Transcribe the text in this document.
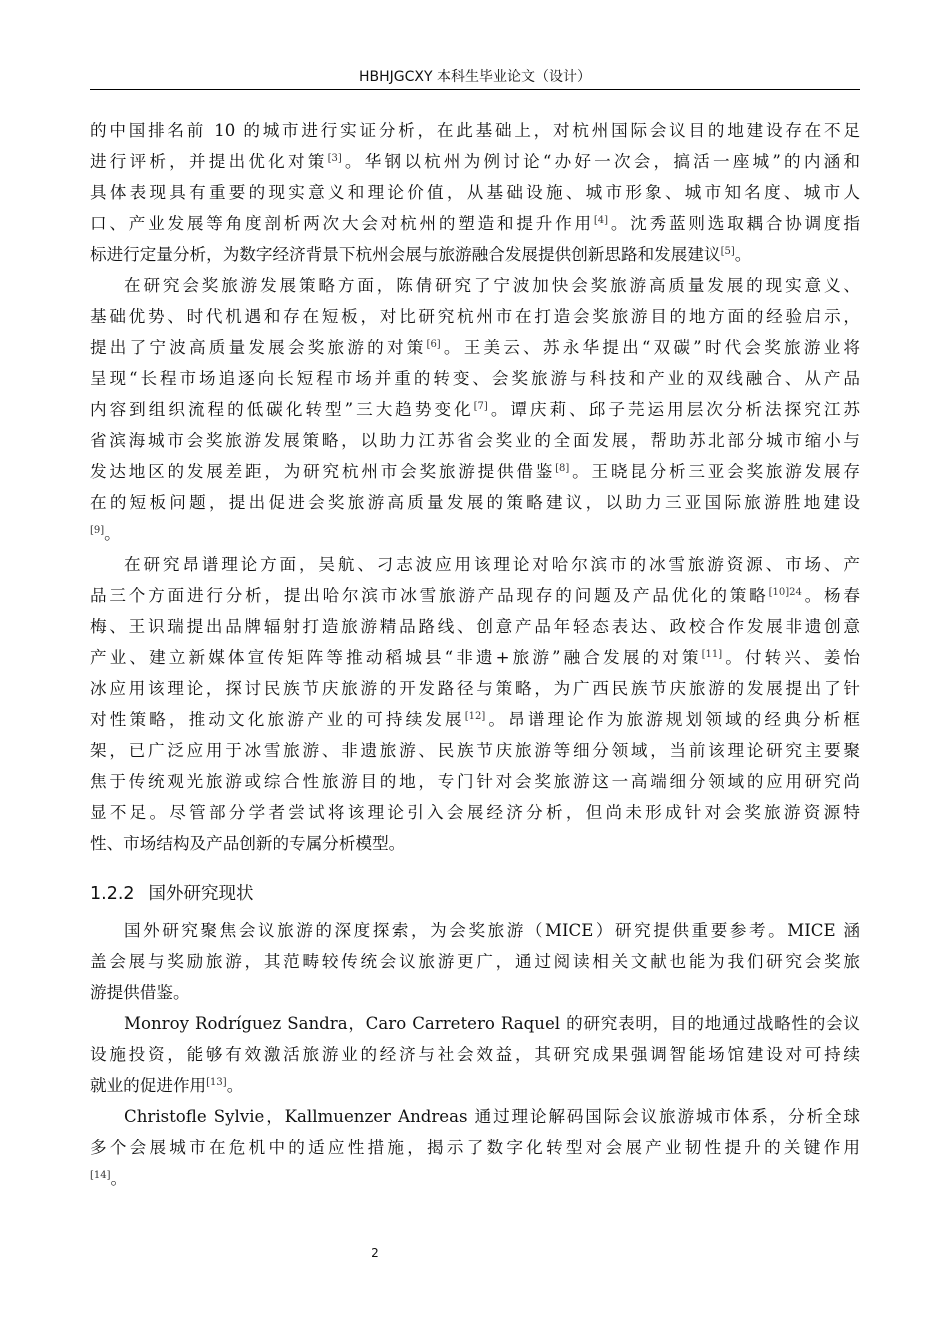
HBHJGCXY 本科生毕业论文（设计）
的中国排名前 10 的城市进行实证分析，在此基础上，对杭州国际会议目的地建设存在不足
进行评析，并提出优化对策[3]。华钢以杭州为例讨论“办好一次会，搞活一座城”的内涵和
具体表现具有重要的现实意义和理论价值，从基础设施、城市形象、城市知名度、城市人
口、产业发展等角度剖析两次大会对杭州的塑造和提升作用[4]。沈秀蓝则选取耦合协调度指
标进行定量分析，为数字经济背景下杭州会展与旅游融合发展提供创新思路和发展建议[5]。
在研究会奖旅游发展策略方面，陈倩研究了宁波加快会奖旅游高质量发展的现实意义、
基础优势、时代机遇和存在短板，对比研究杭州市在打造会奖旅游目的地方面的经验启示，
提出了宁波高质量发展会奖旅游的对策[6]。王美云、苏永华提出“双碳”时代会奖旅游业将
呈现“长程市场追逐向长短程市场并重的转变、会奖旅游与科技和产业的双线融合、从产品
内容到组织流程的低碳化转型”三大趋势变化[7]。谭庆莉、邱子芫运用层次分析法探究江苏
省滨海城市会奖旅游发展策略，以助力江苏省会奖业的全面发展，帮助苏北部分城市缩小与
发达地区的发展差距，为研究杭州市会奖旅游提供借鉴[8]。王晓昆分析三亚会奖旅游发展存
在的短板问题，提出促进会奖旅游高质量发展的策略建议，以助力三亚国际旅游胜地建设
[9]。
在研究昂谱理论方面，吴航、刁志波应用该理论对哈尔滨市的冰雪旅游资源、市场、产
品三个方面进行分析，提出哈尔滨市冰雪旅游产品现存的问题及产品优化的策略$^{[10]24}$。杨春
梅、王识瑞提出品牌辐射打造旅游精品路线、创意产品年轻态表达、政校合作发展非遗创意
产业、建立新媒体宣传矩阵等推动稻城县“非遗+旅游”融合发展的对策[11]。付转兴、姜怡
冰应用该理论，探讨民族节庆旅游的开发路径与策略，为广西民族节庆旅游的发展提出了针
对性策略，推动文化旅游产业的可持续发展[12]。昂谱理论作为旅游规划领域的经典分析框
架，已广泛应用于冰雪旅游、非遗旅游、民族节庆旅游等细分领域，当前该理论研究主要聚
焦于传统观光旅游或综合性旅游目的地，专门针对会奖旅游这一高端细分领域的应用研究尚
显不足。尽管部分学者尝试将该理论引入会展经济分析，但尚未形成针对会奖旅游资源特
性、市场结构及产品创新的专属分析模型。
1.2.2 国外研究现状
国外研究聚焦会议旅游的深度探索，为会奖旅游（MICE）研究提供重要参考。MICE 涵
盖会展与奖励旅游，其范畴较传统会议旅游更广，通过阅读相关文献也能为我们研究会奖旅
游提供借鉴。
Monroy Rodríguez Sandra，Caro Carretero Raquel 的研究表明，目的地通过战略性的会议
设施投资，能够有效激活旅游业的经济与社会效益，其研究成果强调智能场馆建设对可持续
就业的促进作用[13]。
Christofle Sylvie，Kallmuenzer Andreas 通过理论解码国际会议旅游城市体系，分析全球
多个会展城市在危机中的适应性措施，揭示了数字化转型对会展产业韧性提升的关键作用
[14]。
2
